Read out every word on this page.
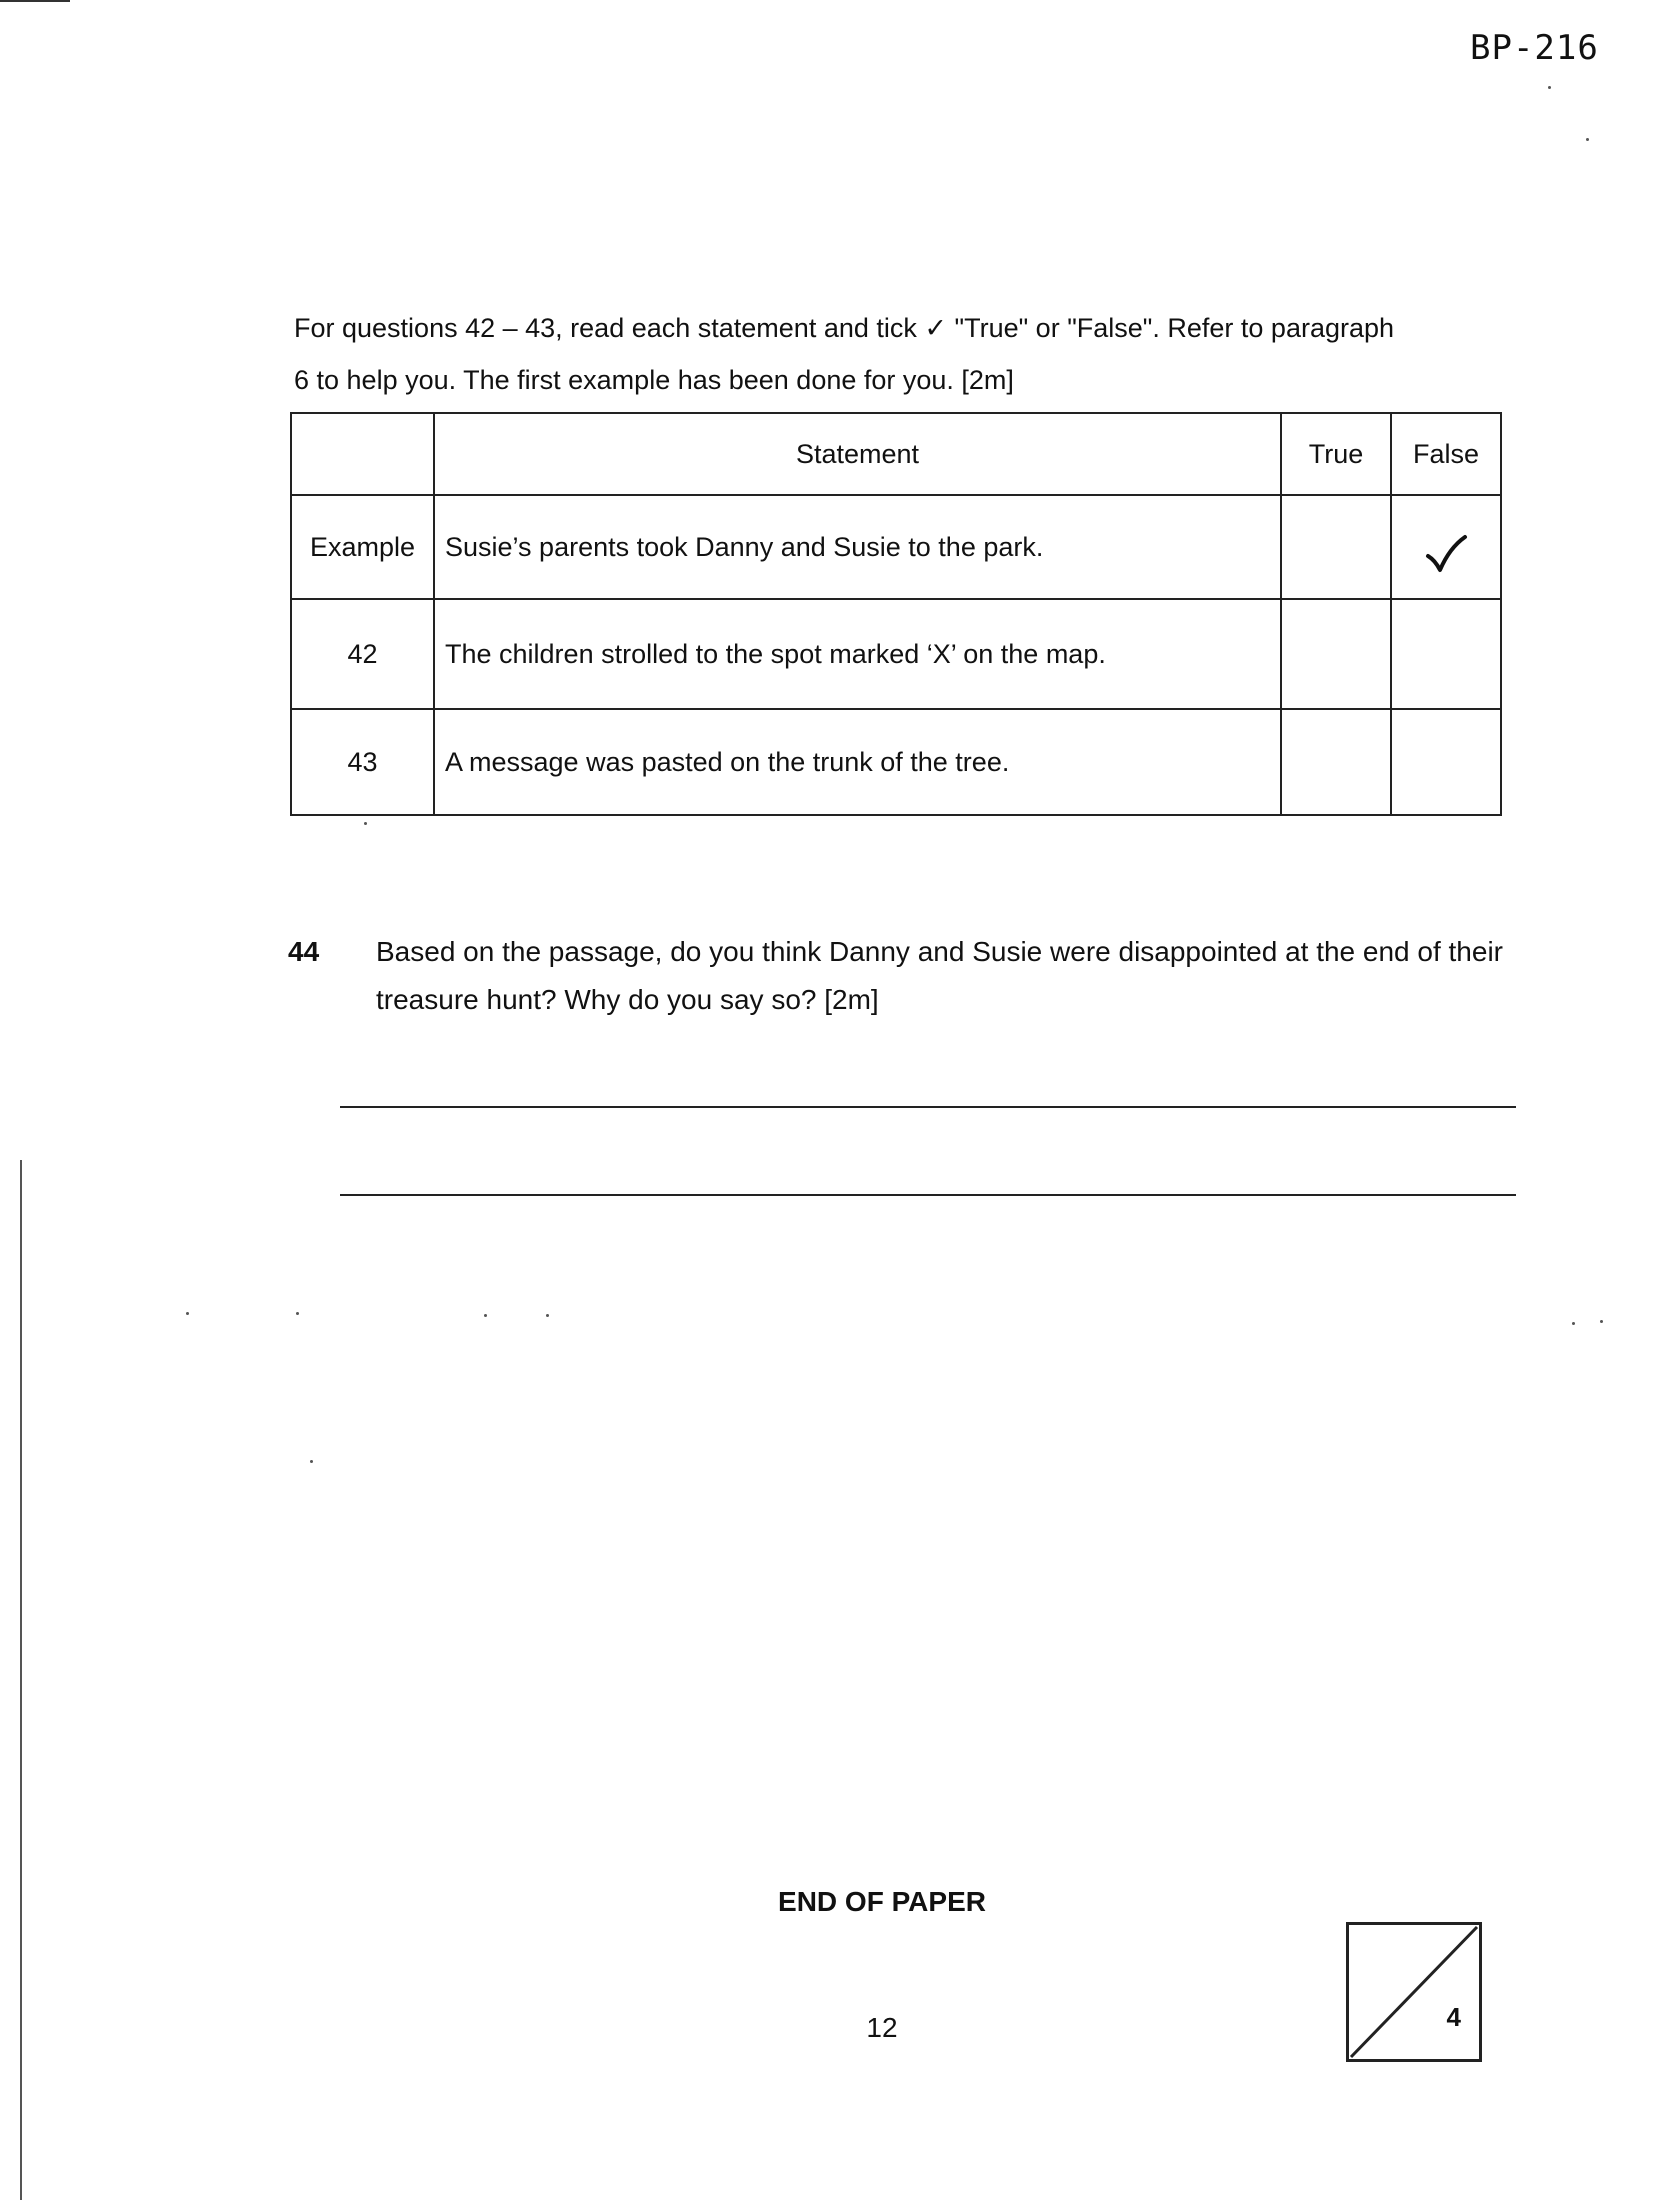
BP-216
For questions 42 – 43, read each statement and tick ✓ "True" or "False". Refer to paragraph
6 to help you. The first example has been done for you. [2m]
	Statement	True	False
Example	Susie’s parents took Danny and Susie to the park.		
42	The children strolled to the spot marked ‘X’ on the map.		
43	A message was pasted on the trunk of the tree.		
44 Based on the passage, do you think Danny and Susie were disappointed at the end of their treasure hunt? Why do you say so? [2m]
END OF PAPER
12	4
